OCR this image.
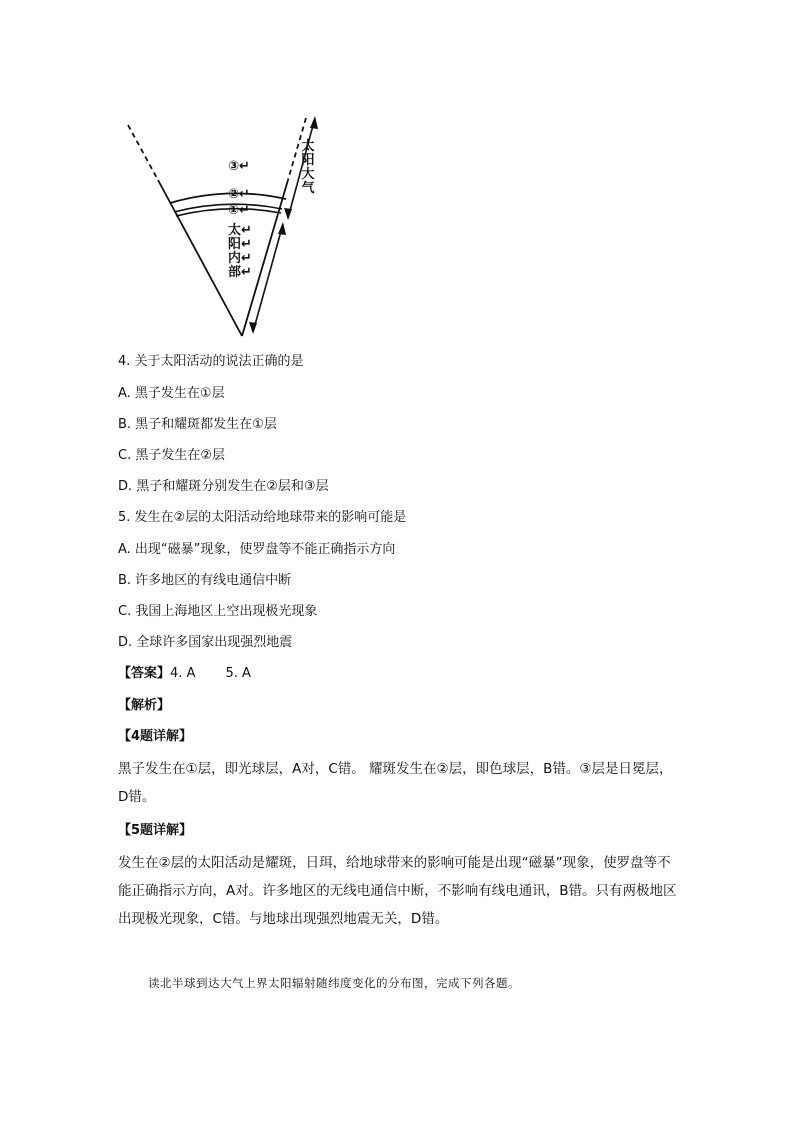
③↵
②↵
①↵
太
阳
大
气
太↵
阳↵
内↵
部↵
4. 关于太阳活动的说法正确的是
A. 黑子发生在①层
B. 黑子和耀斑都发生在①层
C. 黑子发生在②层
D. 黑子和耀斑分别发生在②层和③层
5. 发生在②层的太阳活动给地球带来的影响可能是
A. 出现“磁暴”现象，使罗盘等不能正确指示方向
B. 许多地区的有线电通信中断
C. 我国上海地区上空出现极光现象
D. 全球许多国家出现强烈地震
【答案】4. A 5. A
【解析】
【4题详解】
黑子发生在①层，即光球层，A对，C错。 耀斑发生在②层，即色球层，B错。③层是日冕层，D错。
【5题详解】
发生在②层的太阳活动是耀斑，日珥，给地球带来的影响可能是出现“磁暴”现象，使罗盘等不能正确指示方向，A对。许多地区的无线电通信中断，不影响有线电通讯，B错。只有两极地区出现极光现象，C错。与地球出现强烈地震无关，D错。
读北半球到达大气上界太阳辐射随纬度变化的分布图，完成下列各题。
